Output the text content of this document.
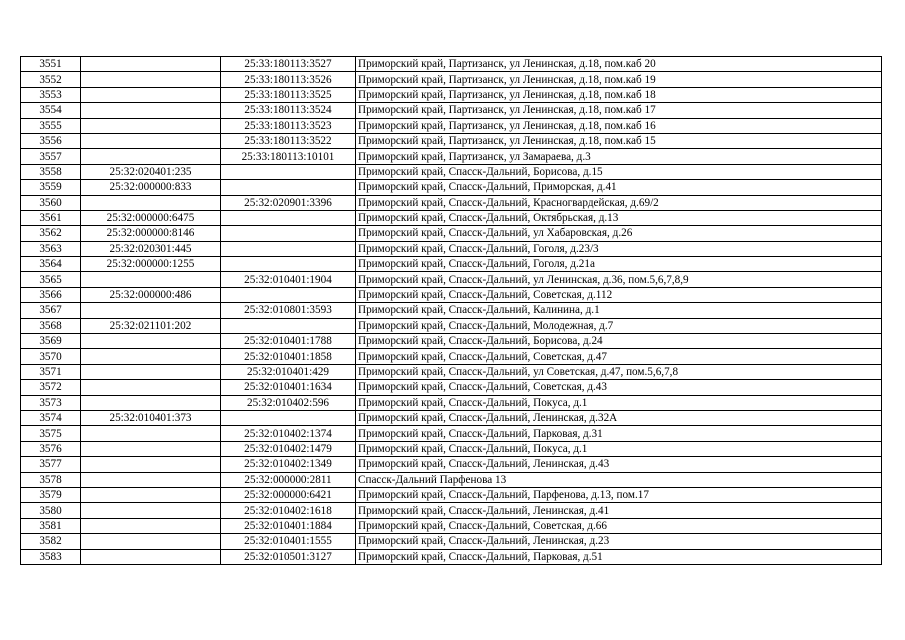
3551		25:33:180113:3527	Приморский край, Партизанск, ул Ленинская, д.18, пом.каб 20
3552		25:33:180113:3526	Приморский край, Партизанск, ул Ленинская, д.18, пом.каб 19
3553		25:33:180113:3525	Приморский край, Партизанск, ул Ленинская, д.18, пом.каб 18
3554		25:33:180113:3524	Приморский край, Партизанск, ул Ленинская, д.18, пом.каб 17
3555		25:33:180113:3523	Приморский край, Партизанск, ул Ленинская, д.18, пом.каб 16
3556		25:33:180113:3522	Приморский край, Партизанск, ул Ленинская, д.18, пом.каб 15
3557		25:33:180113:10101	Приморский край, Партизанск, ул Замараева, д.3
3558	25:32:020401:235		Приморский край, Спасск-Дальний, Борисова, д.15
3559	25:32:000000:833		Приморский край, Спасск-Дальний, Приморская, д.41
3560		25:32:020901:3396	Приморский край, Спасск-Дальний, Красногвардейская, д.69/2
3561	25:32:000000:6475		Приморский край, Спасск-Дальний, Октябрьская, д.13
3562	25:32:000000:8146		Приморский край, Спасск-Дальний, ул Хабаровская, д.26
3563	25:32:020301:445		Приморский край, Спасск-Дальний, Гоголя, д.23/3
3564	25:32:000000:1255		Приморский край, Спасск-Дальний, Гоголя, д.21а
3565		25:32:010401:1904	Приморский край, Спасск-Дальний, ул Ленинская, д.36, пом.5,6,7,8,9
3566	25:32:000000:486		Приморский край, Спасск-Дальний, Советская, д.112
3567		25:32:010801:3593	Приморский край, Спасск-Дальний, Калинина, д.1
3568	25:32:021101:202		Приморский край, Спасск-Дальний, Молодежная, д.7
3569		25:32:010401:1788	Приморский край, Спасск-Дальний, Борисова, д.24
3570		25:32:010401:1858	Приморский край, Спасск-Дальний, Советская, д.47
3571		25:32:010401:429	Приморский край, Спасск-Дальний, ул Советская, д.47, пом.5,6,7,8
3572		25:32:010401:1634	Приморский край, Спасск-Дальний, Советская, д.43
3573		25:32:010402:596	Приморский край, Спасск-Дальний, Покуса, д.1
3574	25:32:010401:373		Приморский край, Спасск-Дальний, Ленинская, д.32А
3575		25:32:010402:1374	Приморский край, Спасск-Дальний, Парковая, д.31
3576		25:32:010402:1479	Приморский край, Спасск-Дальний, Покуса, д.1
3577		25:32:010402:1349	Приморский край, Спасск-Дальний, Ленинская, д.43
3578		25:32:000000:2811	Спасск-Дальний Парфенова 13
3579		25:32:000000:6421	Приморский край, Спасск-Дальний, Парфенова, д.13, пом.17
3580		25:32:010402:1618	Приморский край, Спасск-Дальний, Ленинская, д.41
3581		25:32:010401:1884	Приморский край, Спасск-Дальний, Советская, д.66
3582		25:32:010401:1555	Приморский край, Спасск-Дальний, Ленинская, д.23
3583		25:32:010501:3127	Приморский край, Спасск-Дальний, Парковая, д.51
